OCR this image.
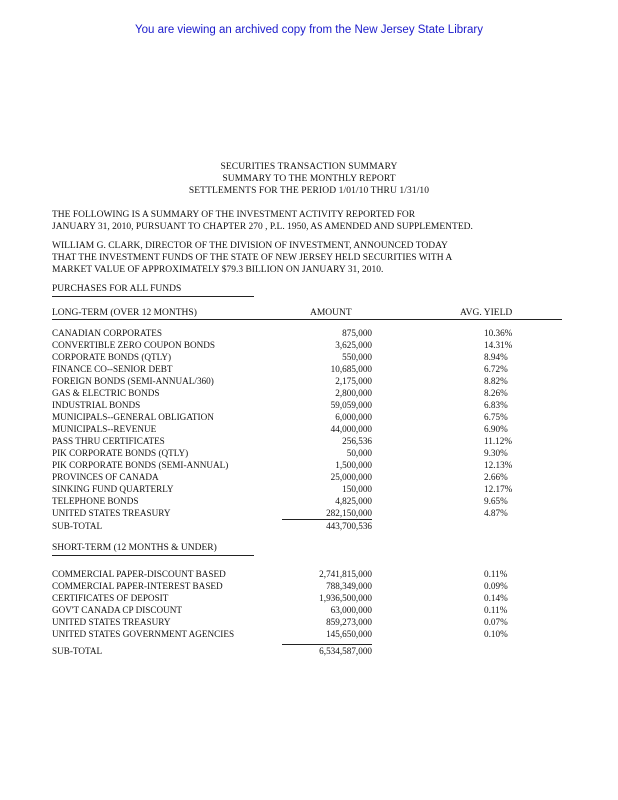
You are viewing an archived copy from the New Jersey State Library
SECURITIES TRANSACTION SUMMARY
SUMMARY TO THE MONTHLY REPORT
SETTLEMENTS FOR THE PERIOD 1/01/10 THRU 1/31/10
THE FOLLOWING IS A SUMMARY OF THE INVESTMENT ACTIVITY REPORTED FOR
JANUARY 31, 2010, PURSUANT TO CHAPTER 270 , P.L. 1950, AS AMENDED AND SUPPLEMENTED.
WILLIAM G. CLARK, DIRECTOR OF THE DIVISION OF INVESTMENT, ANNOUNCED TODAY
THAT THE INVESTMENT FUNDS OF THE STATE OF NEW JERSEY HELD SECURITIES WITH A
MARKET VALUE OF APPROXIMATELY $79.3 BILLION ON JANUARY 31, 2010.
PURCHASES FOR ALL FUNDS
LONG-TERM (OVER 12 MONTHS)	AMOUNT	AVG. YIELD
CANADIAN CORPORATES	875,000	10.36%
CONVERTIBLE ZERO COUPON BONDS	3,625,000	14.31%
CORPORATE BONDS (QTLY)	550,000	8.94%
FINANCE CO--SENIOR DEBT	10,685,000	6.72%
FOREIGN BONDS (SEMI-ANNUAL/360)	2,175,000	8.82%
GAS & ELECTRIC BONDS	2,800,000	8.26%
INDUSTRIAL BONDS	59,059,000	6.83%
MUNICIPALS--GENERAL OBLIGATION	6,000,000	6.75%
MUNICIPALS--REVENUE	44,000,000	6.90%
PASS THRU CERTIFICATES	256,536	11.12%
PIK CORPORATE BONDS (QTLY)	50,000	9.30%
PIK CORPORATE BONDS (SEMI-ANNUAL)	1,500,000	12.13%
PROVINCES OF CANADA	25,000,000	2.66%
SINKING FUND QUARTERLY	150,000	12.17%
TELEPHONE BONDS	4,825,000	9.65%
UNITED STATES TREASURY	282,150,000	4.87%
SUB-TOTAL	443,700,536
SHORT-TERM (12 MONTHS & UNDER)
COMMERCIAL PAPER-DISCOUNT BASED	2,741,815,000	0.11%
COMMERCIAL PAPER-INTEREST BASED	788,349,000	0.09%
CERTIFICATES OF DEPOSIT	1,936,500,000	0.14%
GOV'T CANADA CP DISCOUNT	63,000,000	0.11%
UNITED STATES TREASURY	859,273,000	0.07%
UNITED STATES GOVERNMENT AGENCIES	145,650,000	0.10%
SUB-TOTAL	6,534,587,000
